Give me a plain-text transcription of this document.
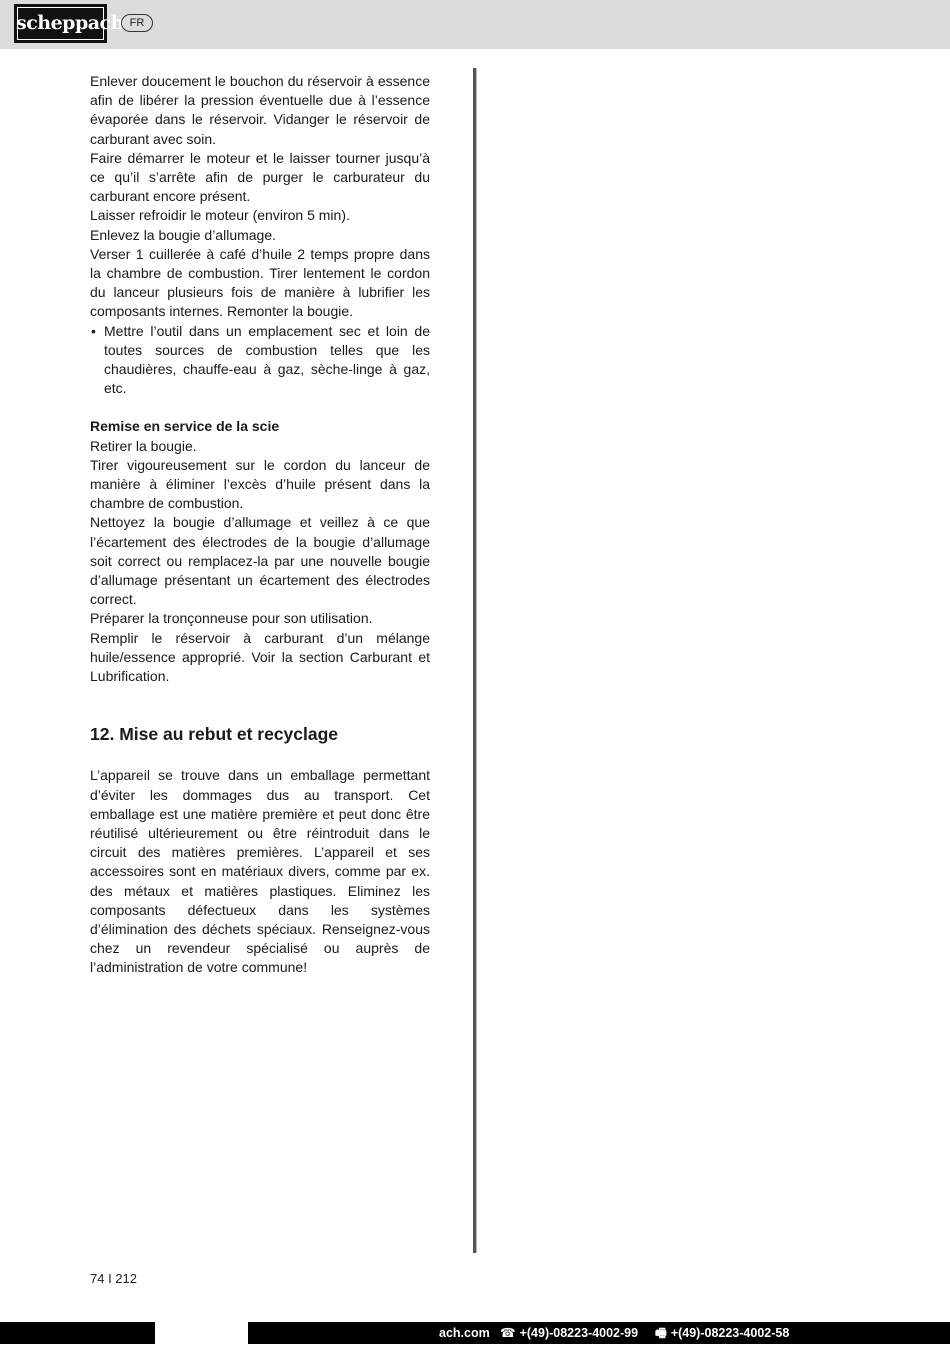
scheppach FR

Enlever doucement le bouchon du réservoir à essence afin de libérer la pression éventuelle due à l’essence évaporée dans le réservoir. Vidanger le réservoir de carburant avec soin.

Faire démarrer le moteur et le laisser tourner jusqu’à ce qu’il s’arrête afin de purger le carburateur du carburant encore présent.

Laisser refroidir le moteur (environ 5 min).

Enlevez la bougie d’allumage.

Verser 1 cuillerée à café d’huile 2 temps propre dans la chambre de combustion. Tirer lentement le cordon du lanceur plusieurs fois de manière à lubrifier les composants internes. Remonter la bougie.

• Mettre l’outil dans un emplacement sec et loin de toutes sources de combustion telles que les chaudières, chauffe-eau à gaz, sèche-linge à gaz, etc.

Remise en service de la scie

Retirer la bougie.

Tirer vigoureusement sur le cordon du lanceur de manière à éliminer l’excès d’huile présent dans la chambre de combustion.

Nettoyez la bougie d’allumage et veillez à ce que l’écartement des électrodes de la bougie d’allumage soit correct ou remplacez-la par une nouvelle bougie d’allumage présentant un écartement des électrodes correct.

Préparer la tronçonneuse pour son utilisation.

Remplir le réservoir à carburant d’un mélange huile/essence approprié. Voir la section Carburant et Lubrification.

12. Mise au rebut et recyclage

L’appareil se trouve dans un emballage permettant d’éviter les dommages dus au transport. Cet emballage est une matière première et peut donc être réutilisé ultérieurement ou être réintroduit dans le circuit des matières premières. L’appareil et ses accessoires sont en matériaux divers, comme par ex. des métaux et matières plastiques. Eliminez les composants défectueux dans les systèmes d’élimination des déchets spéciaux. Renseignez-vous chez un revendeur spécialisé ou auprès de l’administration de votre commune!

74 I 212
ach.com ☎ +(49)-08223-4002-99 🖷 +(49)-08223-4002-58
